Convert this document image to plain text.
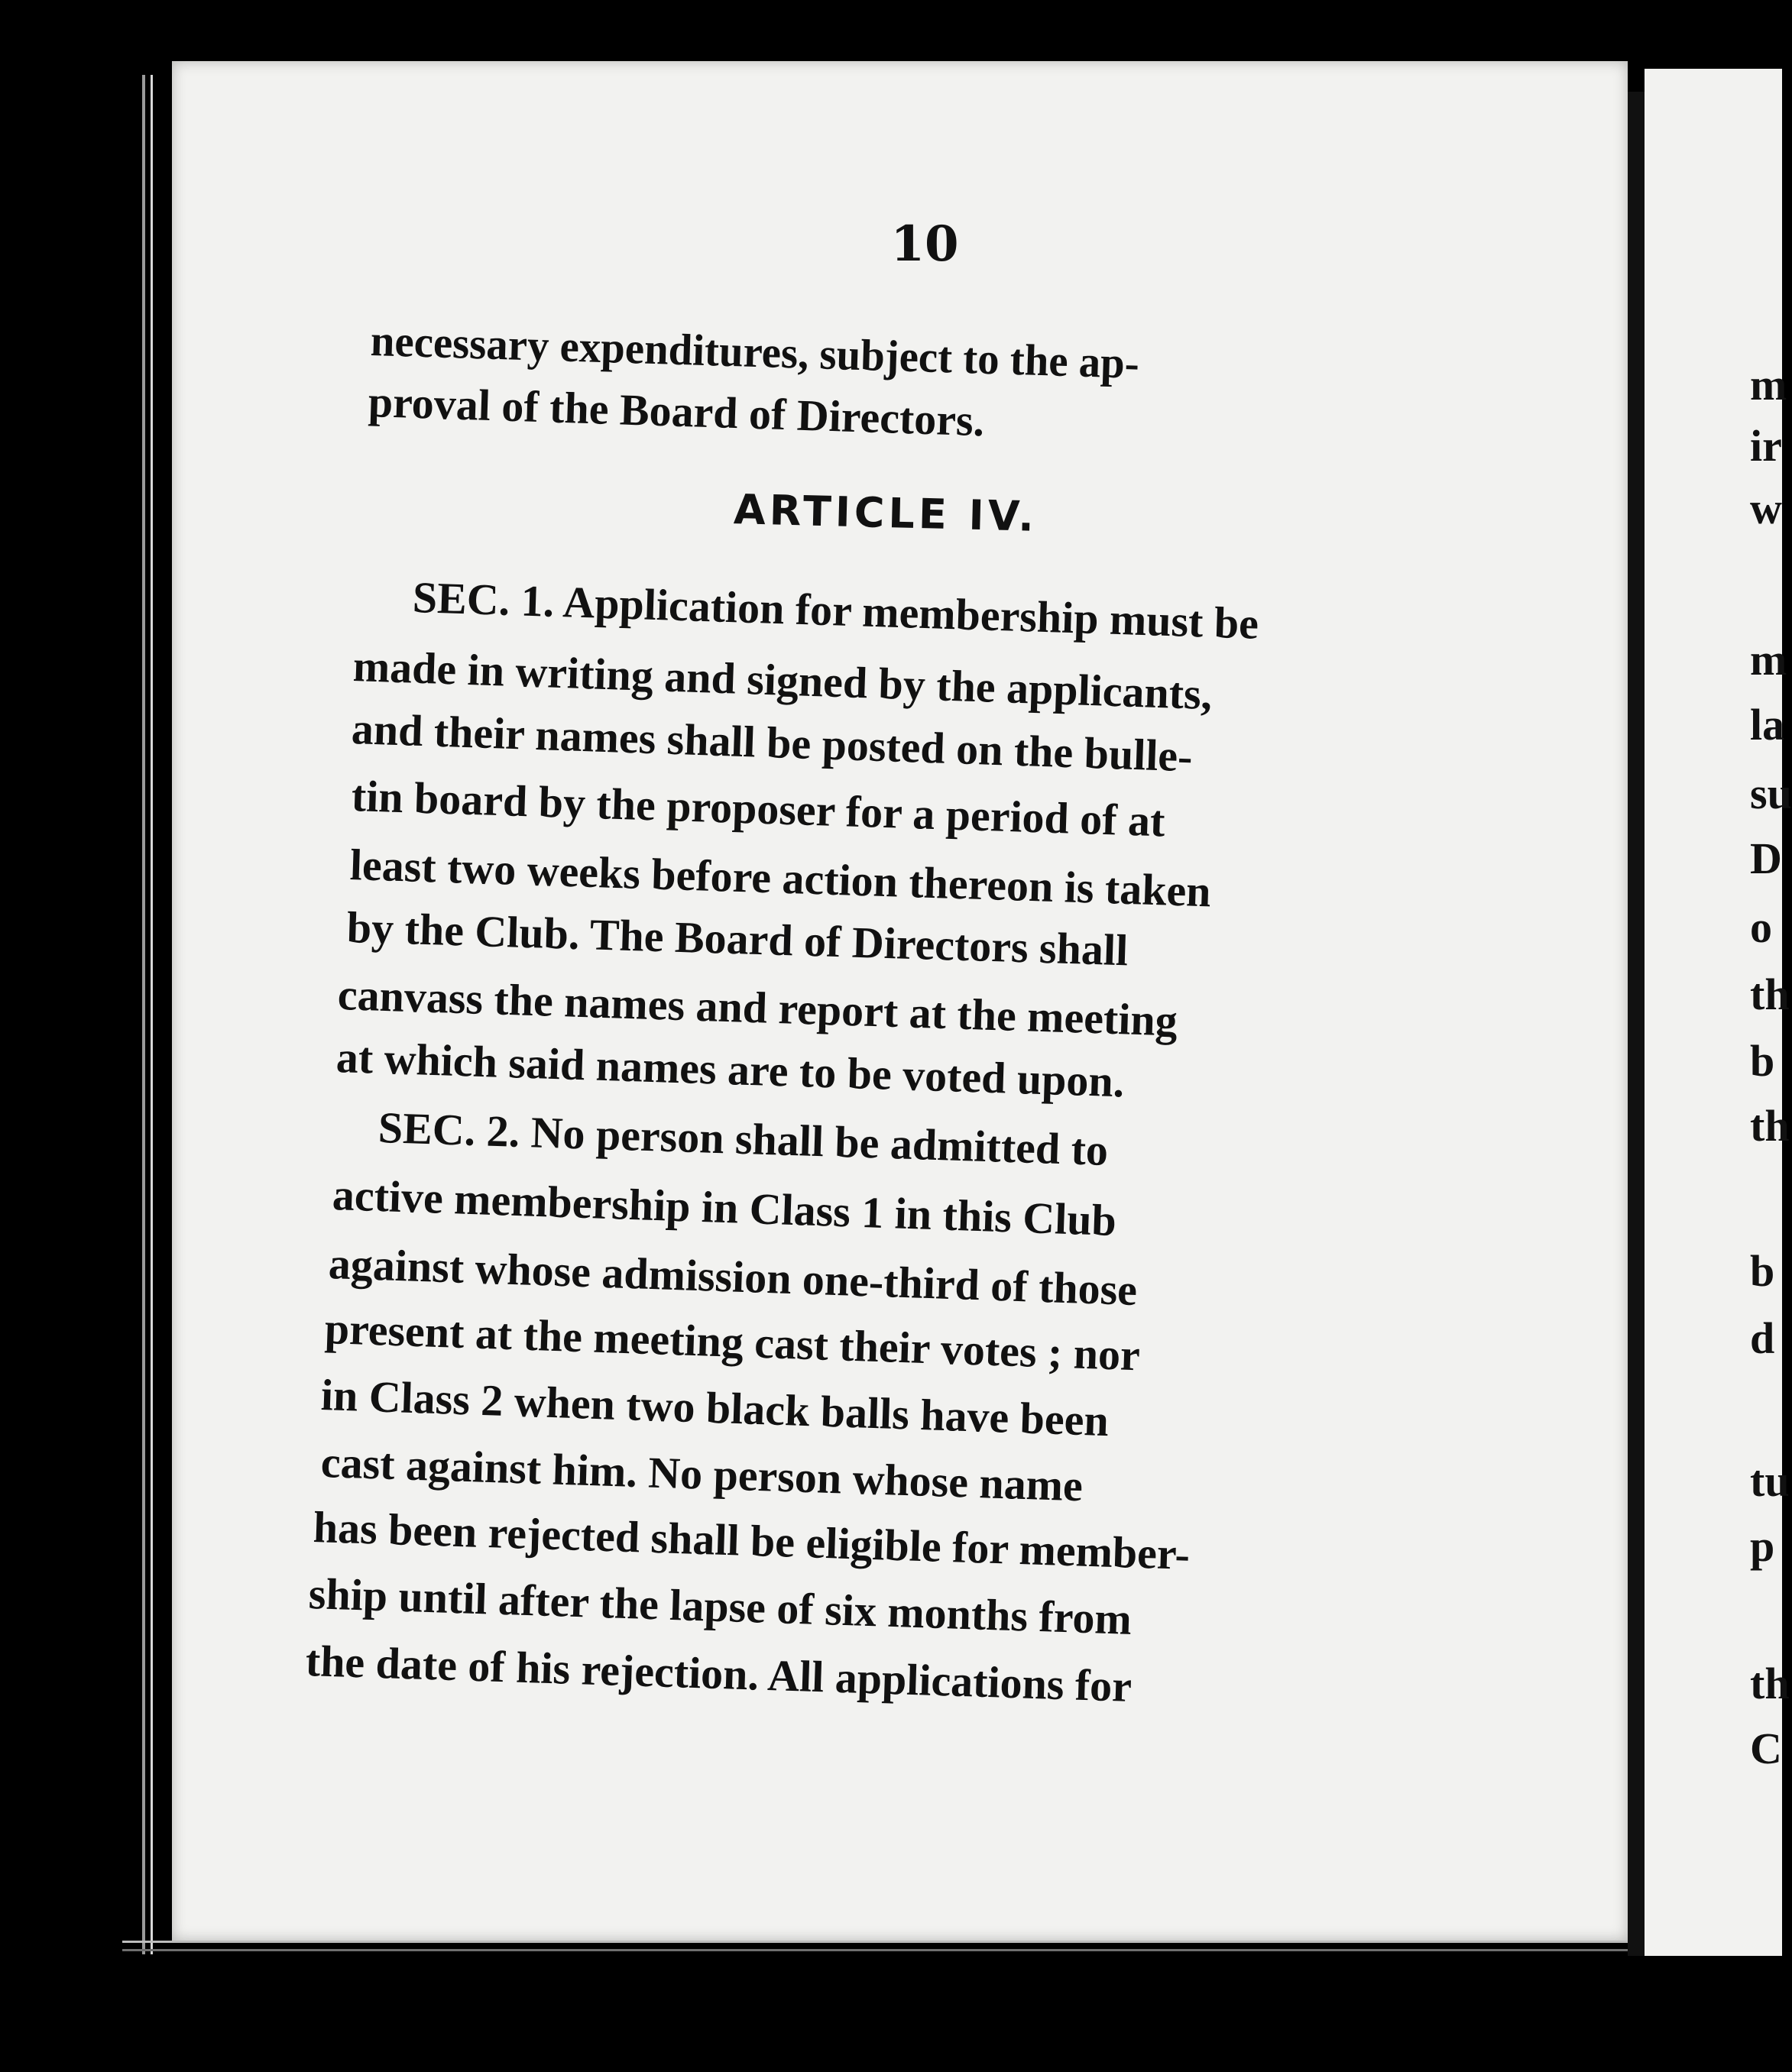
10
necessary expenditures, subject to the ap-
proval of the Board of Directors.
ARTICLE IV.
SEC. 1. Application for membership must be
made in writing and signed by the applicants,
and their names shall be posted on the bulle-
tin board by the proposer for a period of at
least two weeks before action thereon is taken
by the Club. The Board of Directors shall
canvass the names and report at the meeting
at which said names are to be voted upon.
SEC. 2. No person shall be admitted to
active membership in Class 1 in this Club
against whose admission one-third of those
present at the meeting cast their votes ; nor
in Class 2 when two black balls have been
cast against him. No person whose name
has been rejected shall be eligible for member-
ship until after the lapse of six months from
the date of his rejection. All applications for
m
ir
w
m
la
su
D
o
th
b
th
b
d
tu
p
th
C
